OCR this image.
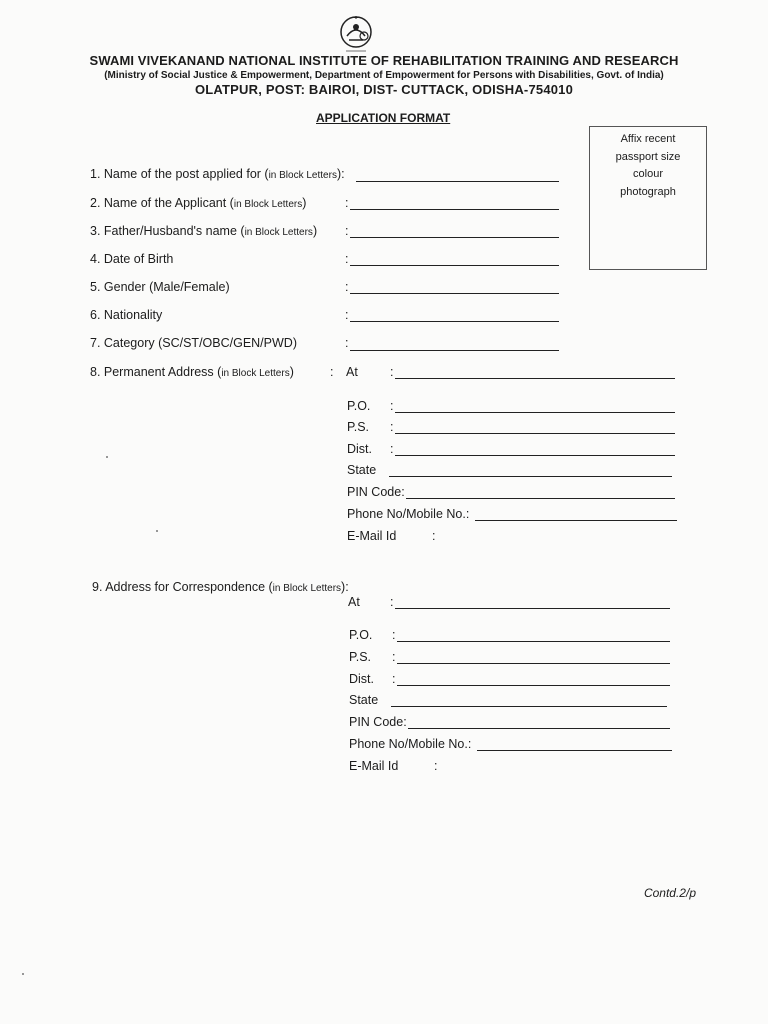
SWAMI VIVEKANAND NATIONAL INSTITUTE OF REHABILITATION TRAINING AND RESEARCH
(Ministry of Social Justice & Empowerment, Department of Empowerment for Persons with Disabilities, Govt. of India)
OLATPUR, POST: BAIROI, DIST- CUTTACK, ODISHA-754010
APPLICATION FORMAT
Affix recent
passport size
colour
photograph
1. Name of the post applied for (in Block Letters):
2. Name of the Applicant (in Block Letters)	:
3. Father/Husband's name (in Block Letters) :
4. Date of Birth	:
5. Gender (Male/Female)	:
6. Nationality	:
7. Category (SC/ST/OBC/GEN/PWD)	:
8. Permanent Address (in Block Letters)	: At	:
P.O. :
P.S. :
Dist. :
State
PIN Code:
Phone No/Mobile No.:
E-Mail Id	:
9. Address for Correspondence (in Block Letters):
At :
P.O. :
P.S. :
Dist. :
State
PIN Code:
Phone No/Mobile No.:
E-Mail Id	:
Contd.2/p
